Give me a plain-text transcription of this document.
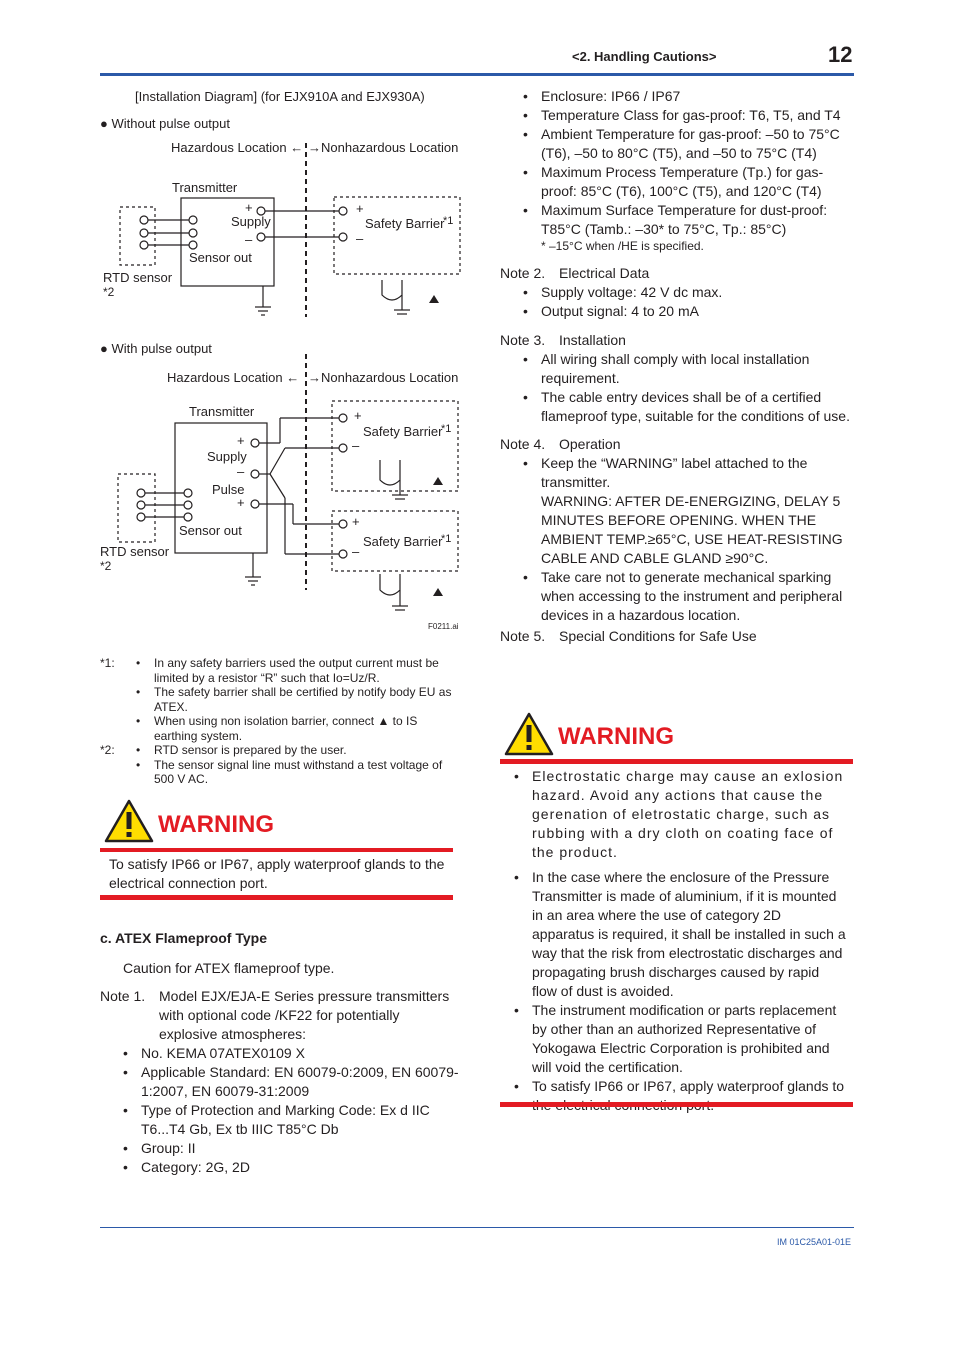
<2. Handling Cautions>	12
[Installation Diagram] (for EJX910A and EJX930A)
● Without pulse output
Transmitter
+
Supply
–
Sensor out
RTD sensor
*2
+
–
Safety Barrier
*1
Hazardous Location ← →Nonhazardous Location
● With pulse output
Hazardous Location ← →Nonhazardous Location
Transmitter
+
Supply
–
Pulse
+
Sensor out
RTD sensor
*2
+
–
Safety Barrier
*1
+
–
Safety Barrier
*1
F0211.ai
*1:	• In any safety barriers used the output current must be limited by a resistor “R” such that Io=Uz/R.
• The safety barrier shall be certified by notify body EU as ATEX.
• When using non isolation barrier, connect ▲ to IS earthing system.
*2:	• RTD sensor is prepared by the user.
• The sensor signal line must withstand a test voltage of 500 V AC.
WARNING
To satisfy IP66 or IP67, apply waterproof glands to the electrical connection port.
c. ATEX Flameproof Type
Caution for ATEX flameproof type.
Note 1. Model EJX/EJA-E Series pressure transmitters with optional code /KF22 for potentially explosive atmospheres:
• No. KEMA 07ATEX0109 X
• Applicable Standard: EN 60079-0:2009, EN 60079-1:2007, EN 60079-31:2009
• Type of Protection and Marking Code: Ex d IIC T6...T4 Gb, Ex tb IIIC T85°C Db
• Group: II
• Category: 2G, 2D
• Enclosure: IP66 / IP67
• Temperature Class for gas-proof: T6, T5, and T4
• Ambient Temperature for gas-proof: –50 to 75°C (T6), –50 to 80°C (T5), and –50 to 75°C (T4)
• Maximum Process Temperature (Tp.) for gas-proof: 85°C (T6), 100°C (T5), and 120°C (T4)
• Maximum Surface Temperature for dust-proof: T85°C (Tamb.: –30* to 75°C, Tp.: 85°C)
* –15°C when /HE is specified.
Note 2. Electrical Data
• Supply voltage: 42 V dc max.
• Output signal: 4 to 20 mA
Note 3. Installation
• All wiring shall comply with local installation requirement.
• The cable entry devices shall be of a certified flameproof type, suitable for the conditions of use.
Note 4. Operation
• Keep the “WARNING” label attached to the transmitter.
WARNING: AFTER DE-ENERGIZING, DELAY 5 MINUTES BEFORE OPENING. WHEN THE AMBIENT TEMP.≥65°C, USE HEAT-RESISTING CABLE AND CABLE GLAND ≥90°C.
• Take care not to generate mechanical sparking when accessing to the instrument and peripheral devices in a hazardous location.
Note 5. Special Conditions for Safe Use
WARNING
• Electrostatic charge may cause an exlosion hazard. Avoid any actions that cause the gerenation of eletrostatic charge, such as rubbing with a dry cloth on coating face of the product.
• In the case where the enclosure of the Pressure Transmitter is made of aluminium, if it is mounted in an area where the use of category 2D apparatus is required, it shall be installed in such a way that the risk from electrostatic discharges and propagating brush discharges caused by rapid flow of dust is avoided.
• The instrument modification or parts replacement by other than an authorized Representative of Yokogawa Electric Corporation is prohibited and will void the certification.
• To satisfy IP66 or IP67, apply waterproof glands to
IM 01C25A01-01E
